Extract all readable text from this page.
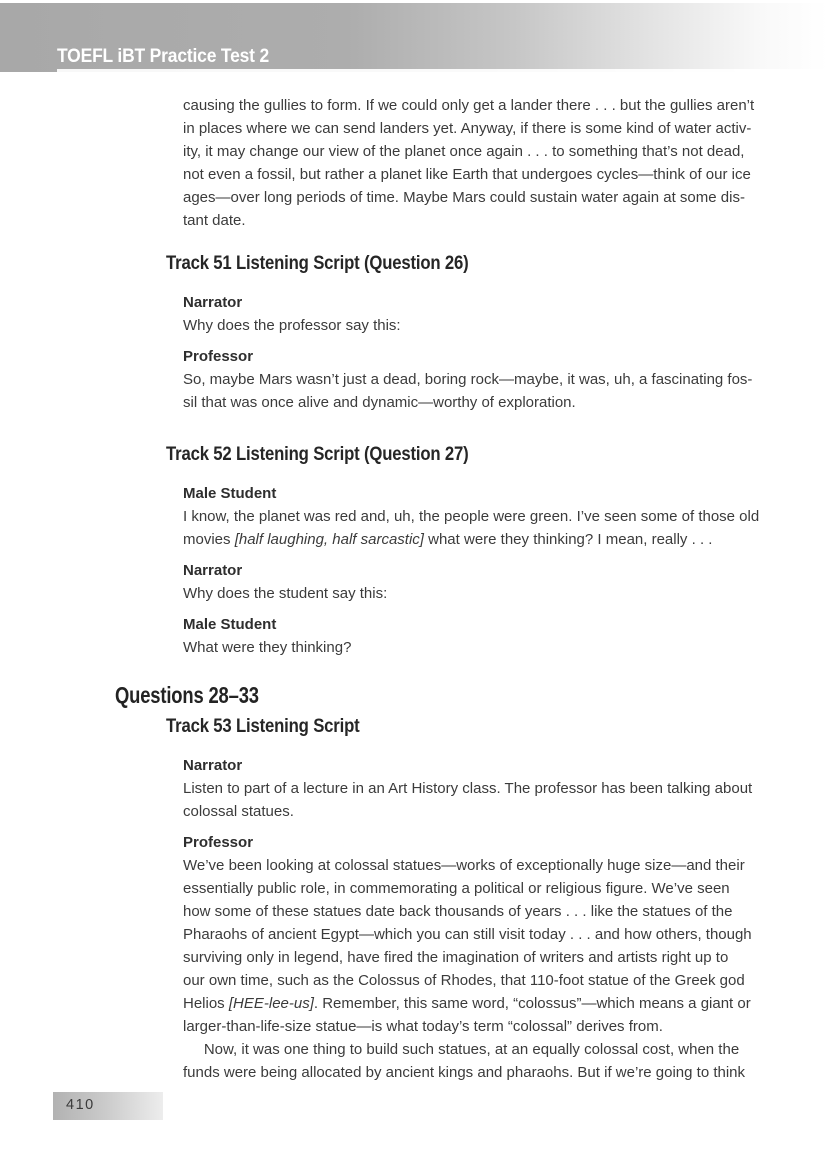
TOEFL iBT Practice Test 2
causing the gullies to form. If we could only get a lander there . . . but the gullies aren’t
in places where we can send landers yet. Anyway, if there is some kind of water activ-
ity, it may change our view of the planet once again . . . to something that’s not dead,
not even a fossil, but rather a planet like Earth that undergoes cycles—think of our ice
ages—over long periods of time. Maybe Mars could sustain water again at some dis-
tant date.
Track 51 Listening Script (Question 26)
Narrator
Why does the professor say this:
Professor
So, maybe Mars wasn’t just a dead, boring rock—maybe, it was, uh, a fascinating fos-
sil that was once alive and dynamic—worthy of exploration.
Track 52 Listening Script (Question 27)
Male Student
I know, the planet was red and, uh, the people were green. I’ve seen some of those old
movies [half laughing, half sarcastic] what were they thinking? I mean, really . . .
Narrator
Why does the student say this:
Male Student
What were they thinking?
Questions 28–33
Track 53 Listening Script
Narrator
Listen to part of a lecture in an Art History class. The professor has been talking about
colossal statues.
Professor
We’ve been looking at colossal statues—works of exceptionally huge size—and their
essentially public role, in commemorating a political or religious figure. We’ve seen
how some of these statues date back thousands of years . . . like the statues of the
Pharaohs of ancient Egypt—which you can still visit today . . . and how others, though
surviving only in legend, have fired the imagination of writers and artists right up to
our own time, such as the Colossus of Rhodes, that 110-foot statue of the Greek god
Helios [HEE-lee-us]. Remember, this same word, “colossus”—which means a giant or
larger-than-life-size statue—is what today’s term “colossal” derives from.
Now, it was one thing to build such statues, at an equally colossal cost, when the
funds were being allocated by ancient kings and pharaohs. But if we’re going to think
410
